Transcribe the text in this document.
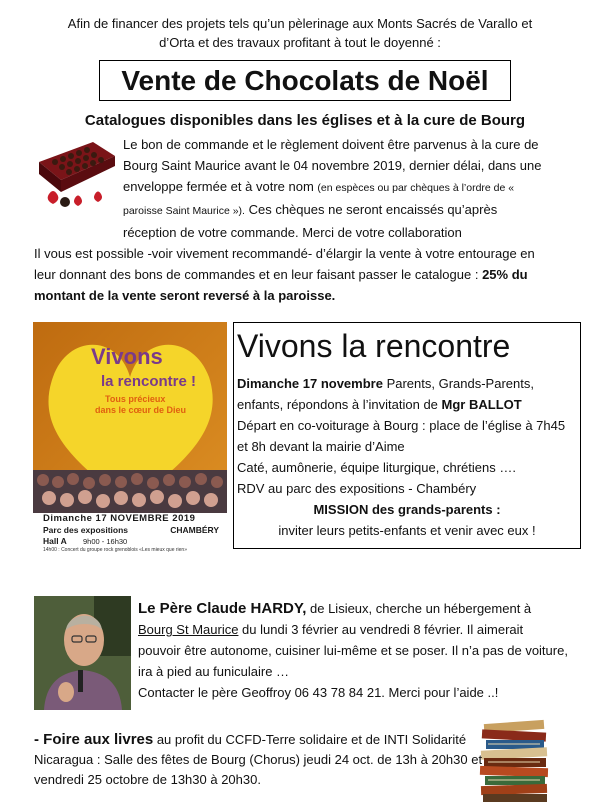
Afin de financer des projets tels qu’un pèlerinage aux Monts Sacrés de Varallo et
d’Orta et des travaux profitant à tout le doyenné :

Vente de Chocolats de Noël
Catalogues disponibles dans les églises et à la cure de Bourg

Le bon de commande et le règlement doivent être parvenus à la cure de Bourg Saint Maurice avant le 04 novembre 2019, dernier délai, dans une enveloppe fermée et à votre nom (en espèces ou par chèques à l’ordre de « paroisse Saint Maurice »). Ces chèques ne seront encaissés qu’après réception de votre commande. Merci de votre collaboration

Il vous est possible -voir vivement recommandé- d’élargir la vente à votre entourage en leur donnant des bons de commandes et en leur faisant passer le catalogue : 25% du montant de la vente seront reversé à la paroisse.

Vivons
la rencontre !
Tous précieux
dans le cœur de Dieu
Dimanche 17 NOVEMBRE 2019
Parc des expositions	CHAMBÉRY
Hall A 9h00 - 16h30
14h00 : Concert du groupe rock grenoblois «Les mieux que rien»
Vivons la rencontre

Dimanche 17 novembre Parents, Grands-Parents, enfants, répondons à l’invitation de Mgr BALLOT

Départ en co-voiturage à Bourg : place de l’église à 7h45 et 8h devant la mairie d’Aime

Caté, aumônerie, équipe liturgique, chrétiens ….

RDV au parc des expositions - Chambéry

MISSION des grands-parents :

inviter leurs petits-enfants et venir avec eux !

Le Père Claude HARDY, de Lisieux, cherche un hébergement à Bourg St Maurice du lundi 3 février au vendredi 8 février. Il aimerait pouvoir être autonome, cuisiner lui-même et se poser. Il n’a pas de voiture, ira à pied au funiculaire …

Contacter le père Geoffroy 06 43 78 84 21. Merci pour l’aide ..!

- Foire aux livres au profit du CCFD-Terre solidaire et de INTI Solidarité Nicaragua : Salle des fêtes de Bourg (Chorus) jeudi 24 oct. de 13h à 20h30 et vendredi 25 octobre de 13h30 à 20h30.
